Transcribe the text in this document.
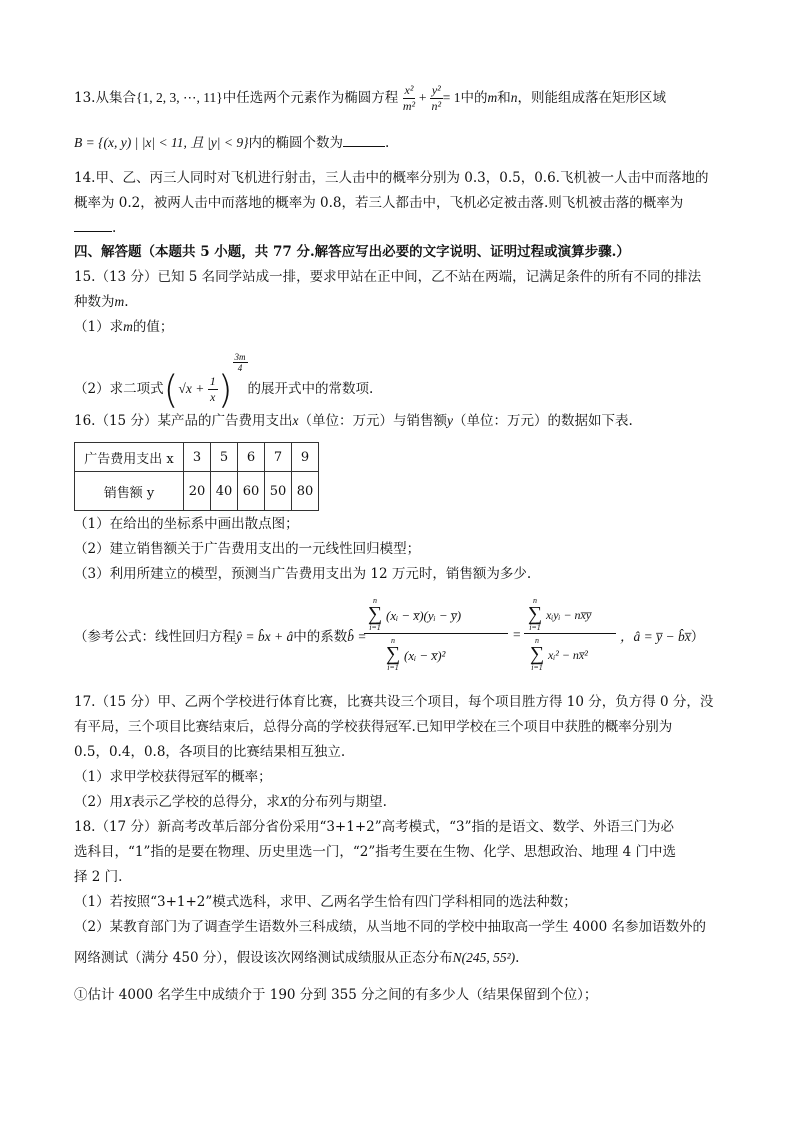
13.从集合{1, 2, 3, ⋯, 11}中任选两个元素作为椭圆方程 $\frac{\text{x²}}{\text{m²}} + \frac{\text{y²}}{\text{n²}} = 1$中的m和n，则能组成落在矩形区域
B = {(x, y) | |x| < 11, 且 |y| < 9}内的椭圆个数为	.
14.甲、乙、丙三人同时对飞机进行射击，三人击中的概率分别为 0.3，0.5，0.6.飞机被一人击中而落地的
概率为 0.2，被两人击中而落地的概率为 0.8，若三人都击中，飞机必定被击落.则飞机被击落的概率为
.
四、解答题（本题共 5 小题，共 77 分.解答应写出必要的文字说明、证明过程或演算步骤.）
15.（13 分）已知 5 名同学站成一排，要求甲站在正中间，乙不站在两端，记满足条件的所有不同的排法
种数为m.
（1）求m的值；
（2）求二项式($√x + \frac{1}{x}$ )
$\frac{3m}{4}$
的展开式中的常数项.
16.（15 分）某产品的广告费用支出x（单位：万元）与销售额y（单位：万元）的数据如下表.
广告费用支出 x	3	5	6	7	9
销售额 y	20	40	60	50	80
（1）在给出的坐标系中画出散点图；
（2）建立销售额关于广告费用支出的一元线性回归模型；
（3）利用所建立的模型，预测当广告费用支出为 12 万元时，销售额为多少.
（参考公式：线性回归方程ŷ = b̂x + â中的系数b̂ =
n
∑
i=1
(xᵢ − x̅)(yᵢ − y̅)
n
∑
i=1
(xᵢ − x̅)²
=
n
∑
i=1
xᵢyᵢ − nx̅y̅
n
∑
i=1
xᵢ² − nx̅²
，â = y̅ − b̂x̅）
17.（15 分）甲、乙两个学校进行体育比赛，比赛共设三个项目，每个项目胜方得 10 分，负方得 0 分，没
有平局，三个项目比赛结束后，总得分高的学校获得冠军.已知甲学校在三个项目中获胜的概率分别为
0.5，0.4，0.8，各项目的比赛结果相互独立.
（1）求甲学校获得冠军的概率；
（2）用X表示乙学校的总得分，求X的分布列与期望.
18.（17 分）新高考改革后部分省份采用“3+1+2”高考模式，“3”指的是语文、数学、外语三门为必
选科目，“1”指的是要在物理、历史里选一门，“2”指考生要在生物、化学、思想政治、地理 4 门中选
择 2 门.
（1）若按照“3+1+2”模式选科，求甲、乙两名学生恰有四门学科相同的选法种数；
（2）某教育部门为了调查学生语数外三科成绩，从当地不同的学校中抽取高一学生 4000 名参加语数外的
网络测试（满分 450 分），假设该次网络测试成绩服从正态分布N(245, 55²).
①估计 4000 名学生中成绩介于 190 分到 355 分之间的有多少人（结果保留到个位）；
